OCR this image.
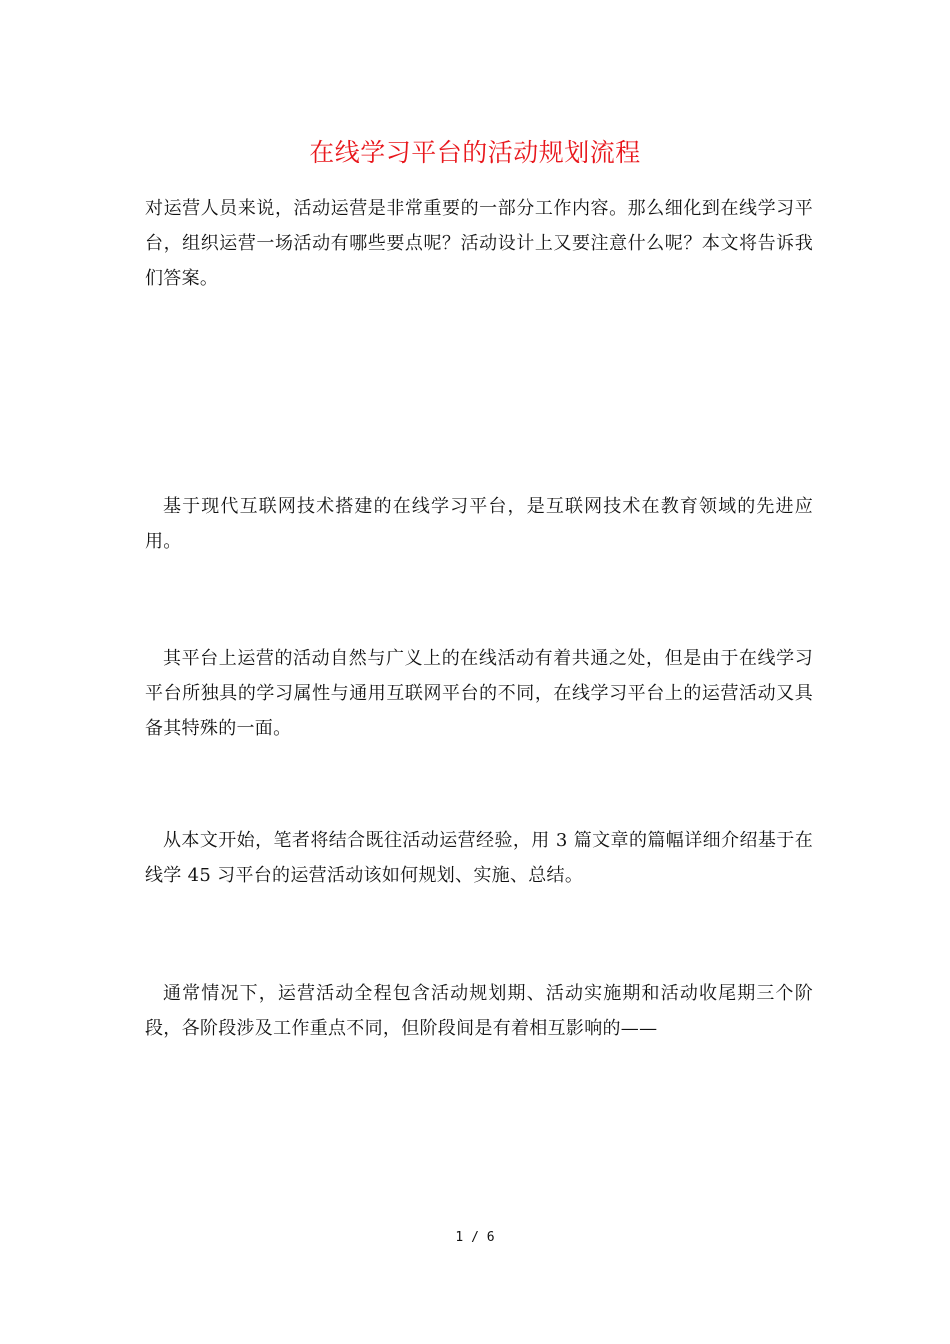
在线学习平台的活动规划流程

对运营人员来说，活动运营是非常重要的一部分工作内容。那么细化到在线学习平台，组织运营一场活动有哪些要点呢？活动设计上又要注意什么呢？本文将告诉我们答案。

基于现代互联网技术搭建的在线学习平台，是互联网技术在教育领域的先进应用。

其平台上运营的活动自然与广义上的在线活动有着共通之处，但是由于在线学习平台所独具的学习属性与通用互联网平台的不同，在线学习平台上的运营活动又具备其特殊的一面。

从本文开始，笔者将结合既往活动运营经验，用 3 篇文章的篇幅详细介绍基于在线学 45 习平台的运营活动该如何规划、实施、总结。

通常情况下，运营活动全程包含活动规划期、活动实施期和活动收尾期三个阶段，各阶段涉及工作重点不同，但阶段间是有着相互影响的——

1 / 6
